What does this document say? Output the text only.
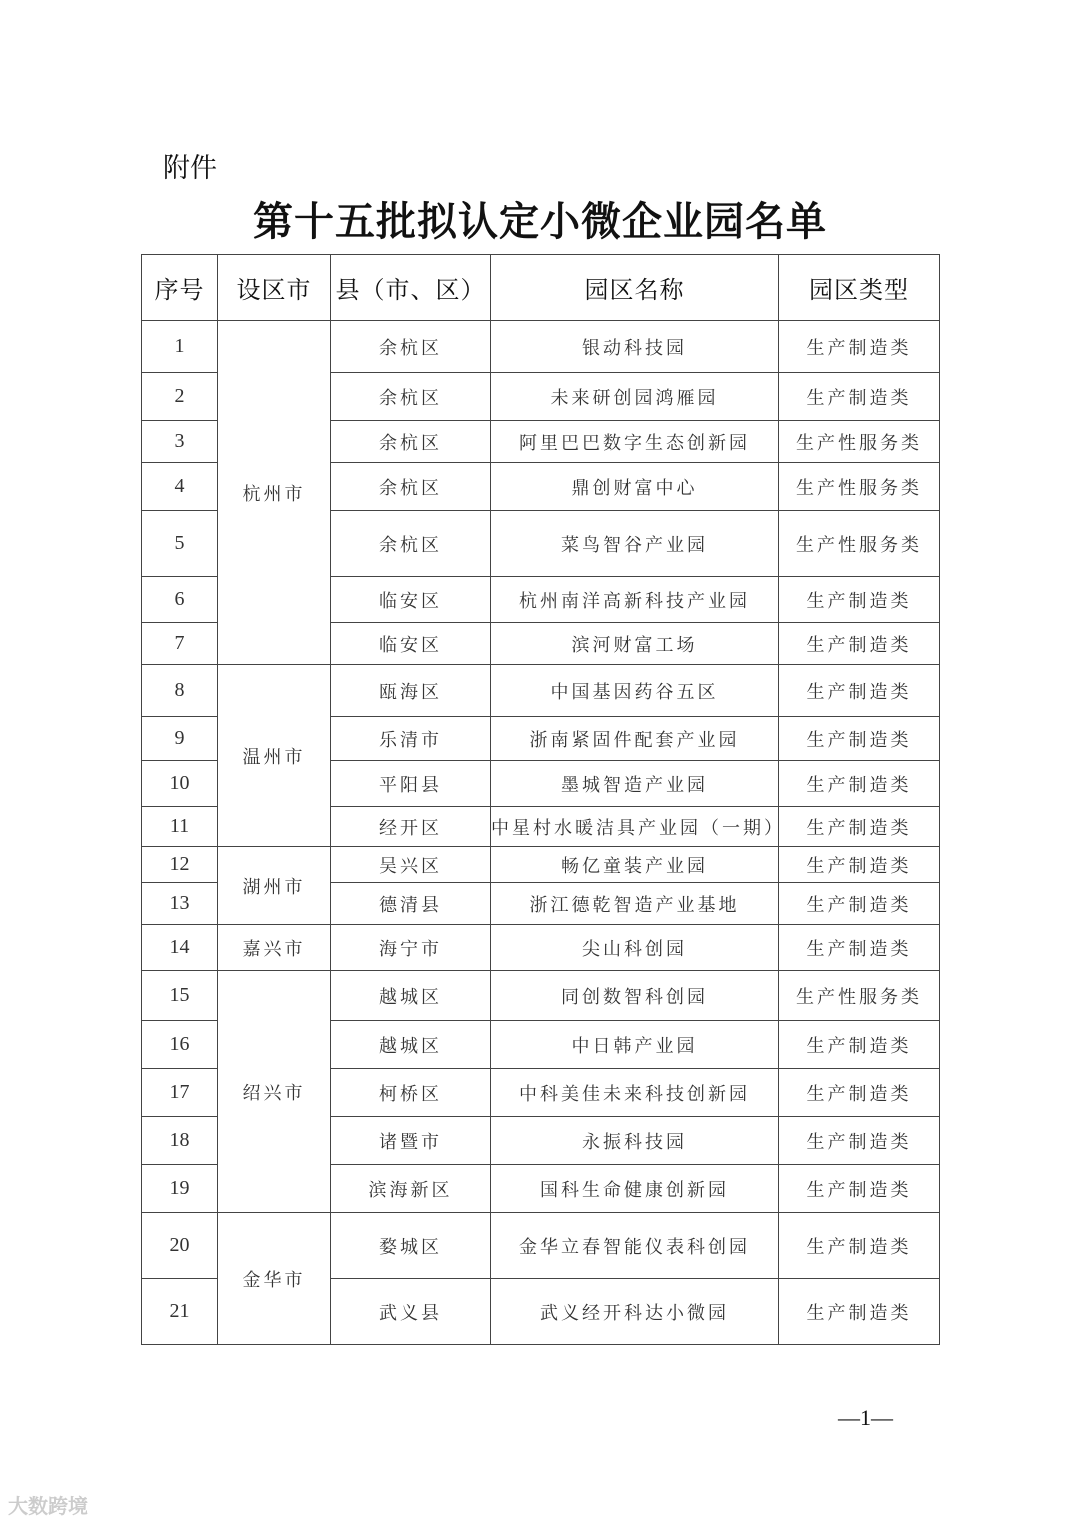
附件
第十五批拟认定小微企业园名单
序号	设区市	县（市、区）	园区名称	园区类型
1	杭州市	余杭区	银动科技园	生产制造类
2		余杭区	未来研创园鸿雁园	生产制造类
3		余杭区	阿里巴巴数字生态创新园	生产性服务类
4		余杭区	鼎创财富中心	生产性服务类
5		余杭区	菜鸟智谷产业园	生产性服务类
6		临安区	杭州南洋高新科技产业园	生产制造类
7		临安区	滨河财富工场	生产制造类
8	温州市	瓯海区	中国基因药谷五区	生产制造类
9		乐清市	浙南紧固件配套产业园	生产制造类
10		平阳县	墨城智造产业园	生产制造类
11		经开区	中星村水暖洁具产业园（一期）	生产制造类
12	湖州市	吴兴区	畅亿童装产业园	生产制造类
13		德清县	浙江德乾智造产业基地	生产制造类
14	嘉兴市	海宁市	尖山科创园	生产制造类
15	绍兴市	越城区	同创数智科创园	生产性服务类
16		越城区	中日韩产业园	生产制造类
17		柯桥区	中科美佳未来科技创新园	生产制造类
18		诸暨市	永振科技园	生产制造类
19		滨海新区	国科生命健康创新园	生产制造类
20	金华市	婺城区	金华立春智能仪表科创园	生产制造类
21		武义县	武义经开科达小微园	生产制造类
—1—
大数跨境
